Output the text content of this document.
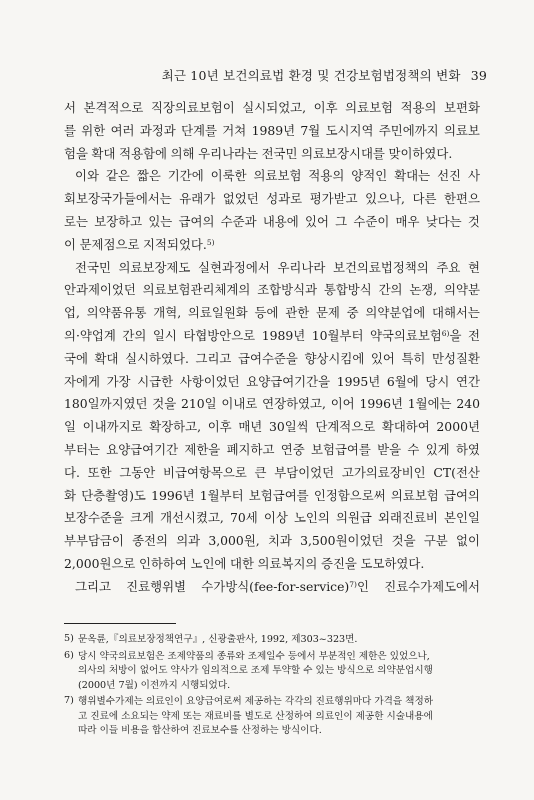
최근 10년 보건의료법 환경 및 건강보험법정책의 변화 39
서 본격적으로 직장의료보험이 실시되었고, 이후 의료보험 적용의 보편화
를 위한 여러 과정과 단계를 거쳐 1989년 7월 도시지역 주민에까지 의료보
험을 확대 적용함에 의해 우리나라는 전국민 의료보장시대를 맞이하였다.
이와 같은 짧은 기간에 이룩한 의료보험 적용의 양적인 확대는 선진 사
회보장국가들에서는 유래가 없었던 성과로 평가받고 있으나, 다른 한편으
로는 보장하고 있는 급여의 수준과 내용에 있어 그 수준이 매우 낮다는 것
이 문제점으로 지적되었다.$^{5)}$
전국민 의료보장제도 실현과정에서 우리나라 보건의료법정책의 주요 현
안과제이었던 의료보험관리체계의 조합방식과 통합방식 간의 논쟁, 의약분
업, 의약품유통 개혁, 의료일원화 등에 관한 문제 중 의약분업에 대해서는
의·약업계 간의 일시 타협방안으로 1989년 10월부터 약국의료보험$^{6)}$을 전
국에 확대 실시하였다. 그리고 급여수준을 향상시킴에 있어 특히 만성질환
자에게 가장 시급한 사항이었던 요양급여기간을 1995년 6월에 당시 연간
180일까지였던 것을 210일 이내로 연장하였고, 이어 1996년 1월에는 240
일 이내까지로 확장하고, 이후 매년 30일씩 단계적으로 확대하여 2000년
부터는 요양급여기간 제한을 폐지하고 연중 보험급여를 받을 수 있게 하였
다. 또한 그동안 비급여항목으로 큰 부담이었던 고가의료장비인 CT(전산
화 단층촬영)도 1996년 1월부터 보험급여를 인정함으로써 의료보험 급여의
보장수준을 크게 개선시켰고, 70세 이상 노인의 의원급 외래진료비 본인일
부부담금이 종전의 의과 3,000원, 치과 3,500원이었던 것을 구분 없이
2,000원으로 인하하여 노인에 대한 의료복지의 증진을 도모하였다.
그리고 진료행위별 수가방식(fee-for-service)$^{7)}$인 진료수가제도에서
5) 문옥륜,『의료보장정책연구』, 신광출판사, 1992, 제303~323면.
6) 당시 약국의료보험은 조제약품의 종류와 조제일수 등에서 부분적인 제한은 있었으나,
의사의 처방이 없어도 약사가 임의적으로 조제 투약할 수 있는 방식으로 의약분업시행
(2000년 7월) 이전까지 시행되었다.
7) 행위별수가제는 의료인이 요양급여로써 제공하는 각각의 진료행위마다 가격을 책정하
고 진료에 소요되는 약제 또는 재료비를 별도로 산정하여 의료인이 제공한 시술내용에
따라 이들 비용을 합산하여 진료보수를 산정하는 방식이다.
